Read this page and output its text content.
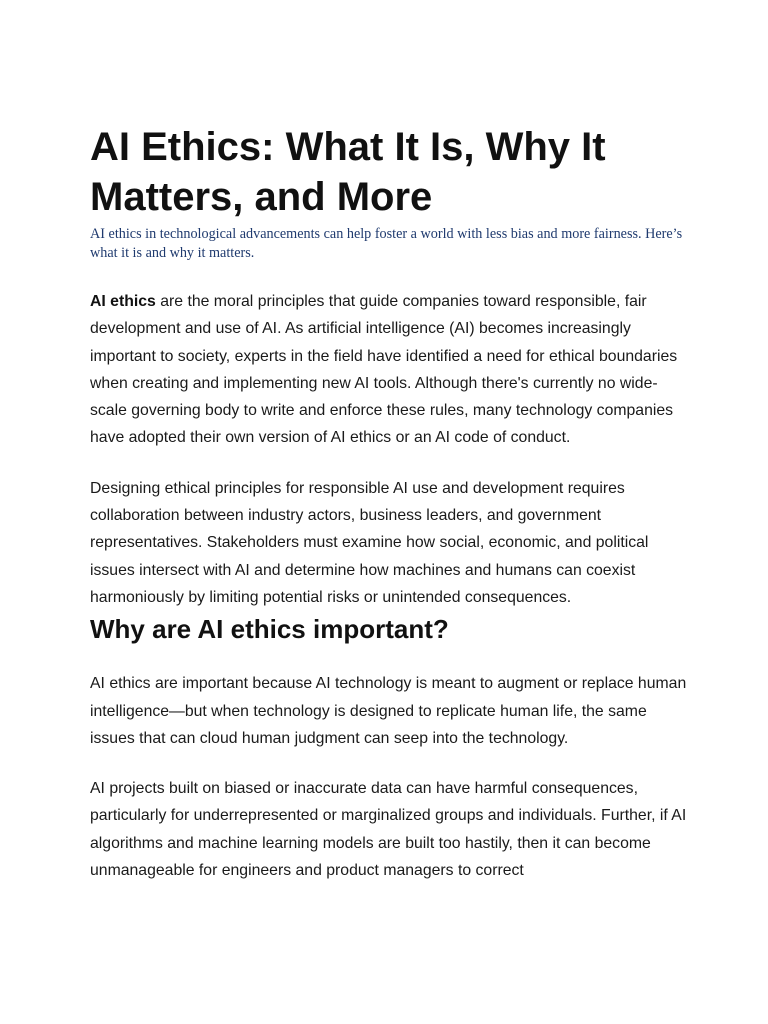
AI Ethics: What It Is, Why It Matters, and More

AI ethics in technological advancements can help foster a world with less bias and more fairness. Here’s what it is and why it matters.

AI ethics are the moral principles that guide companies toward responsible, fair development and use of AI. As artificial intelligence (AI) becomes increasingly important to society, experts in the field have identified a need for ethical boundaries when creating and implementing new AI tools. Although there's currently no wide-scale governing body to write and enforce these rules, many technology companies have adopted their own version of AI ethics or an AI code of conduct.

Designing ethical principles for responsible AI use and development requires collaboration between industry actors, business leaders, and government representatives. Stakeholders must examine how social, economic, and political issues intersect with AI and determine how machines and humans can coexist harmoniously by limiting potential risks or unintended consequences.

Why are AI ethics important?

AI ethics are important because AI technology is meant to augment or replace human intelligence—but when technology is designed to replicate human life, the same issues that can cloud human judgment can seep into the technology.

AI projects built on biased or inaccurate data can have harmful consequences, particularly for underrepresented or marginalized groups and individuals. Further, if AI algorithms and machine learning models are built too hastily, then it can become unmanageable for engineers and product managers to correct
